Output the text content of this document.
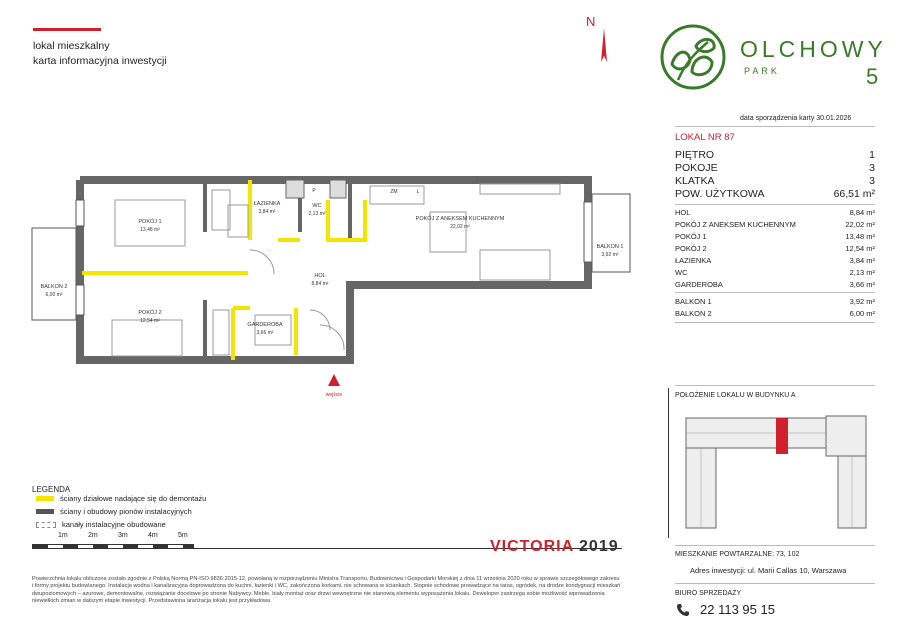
lokal mieszkalny
karta informacyjna inwestycji
N
OLCHOWY
PARK	5
data sporządzenia karty 30.01.2026
LOKAL NR 87
PIĘTRO	1
POKOJE	3
KLATKA	3
POW. UŻYTKOWA	66,51 m²
HOL	8,84 m²
POKÓJ Z ANEKSEM KUCHENNYM	22,02 m²
POKÓJ 1	13,48 m²
POKÓJ 2	12,54 m²
ŁAZIENKA	3,84 m²
WC	2,13 m²
GARDEROBA	3,66 m²
BALKON 1	3,92 m²
BALKON 2	6,00 m²
POKÓJ 1
13,48 m²
POKÓJ 2
12,54 m²
ŁAZIENKA
3,84 m²
WC
2,13 m²
POKÓJ Z ANEKSEM KUCHENNYM
22,02 m²
HOL
8,84 m²
GARDEROBA
3,66 m²
BALKON 1
3,92 m²
BALKON 2
6,00 m²
P	ZM	L
wejście
LEGENDA
ściany działowe nadające się do demontażu
ściany i obudowy pionów instalacyjnych
kanały instalacyjne obudowane
1m	2m	3m	4m	5m
VICTORIA 2019
Powierzchnia lokalu obliczona zostało zgodnie z Polską Normą PN-ISO 9836:2015-12, powołaną w rozporządzeniu Ministra Transportu, Budownictwa i Gospodarki Morskiej z dnia 11 września 2020 roku w sprawie szczegółowego zakresu i formy projektu budowlanego. Instalacja wodna i kanalizacyjna doprowadzona do kuchni, łazienki i WC, zakończona korkami, nie schowana w ściankach. Stopnie schodowe prowadzące na taras, ogródek, na drodze kondygnacji mieszkań dwupoziomowych – azurowe, demontowalne, rozwiązanie docelowe po stronie Nabywcy. Meble, biały montaż oraz drzwi wewnętrzne nie stanowią elementu wyposażenia lokalu. Deweloper zastrzega sobie możliwość wprowadzenia niewielkich zmian w dalszym etapie inwestycji. Przedstawiona aranżacja lokalu jest przykładowa
POŁOŻENIE LOKALU W BUDYNKU A
MIESZKANIE POWTARZALNE: 73, 102
Adres inwestycji: ul. Marii Callas 10, Warszawa
BIURO SPRZEDAŻY
22 113 95 15
